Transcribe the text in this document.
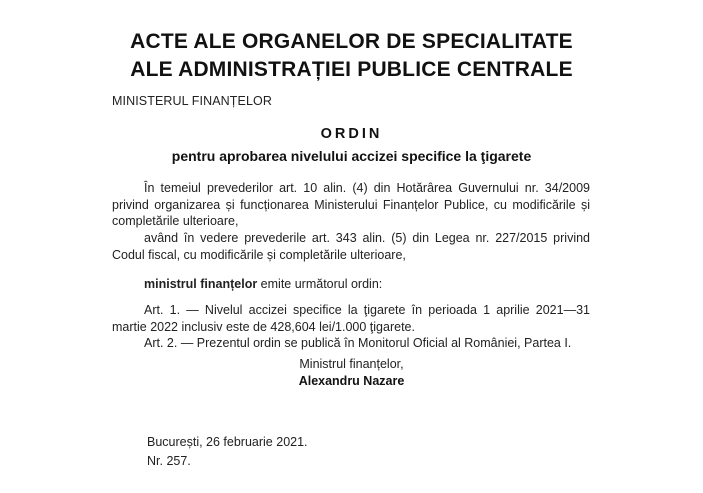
ACTE ALE ORGANELOR DE SPECIALITATE
ALE ADMINISTRAȚIEI PUBLICE CENTRALE
MINISTERUL FINANȚELOR
ORDIN
pentru aprobarea nivelului accizei specifice la ţigarete
În temeiul prevederilor art. 10 alin. (4) din Hotărârea Guvernului nr. 34/2009 privind organizarea și funcționarea Ministerului Finanțelor Publice, cu modificările și completările ulterioare,
având în vedere prevederile art. 343 alin. (5) din Legea nr. 227/2015 privind Codul fiscal, cu modificările și completările ulterioare,
ministrul finanțelor emite următorul ordin:
Art. 1. — Nivelul accizei specifice la ţigarete în perioada 1 aprilie 2021—31 martie 2022 inclusiv este de 428,604 lei/1.000 ţigarete.
Art. 2. — Prezentul ordin se publică în Monitorul Oficial al României, Partea I.
Ministrul finanțelor,
Alexandru Nazare
București, 26 februarie 2021.
Nr. 257.
